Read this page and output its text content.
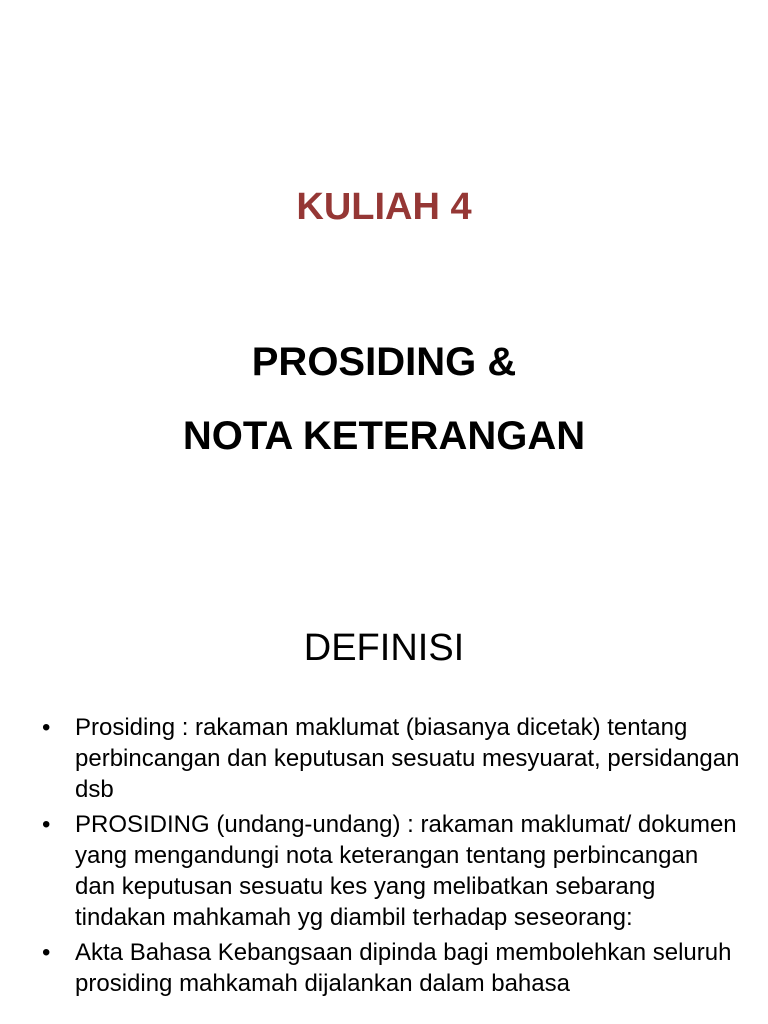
KULIAH 4
PROSIDING &
NOTA KETERANGAN
DEFINISI
• Prosiding : rakaman maklumat (biasanya dicetak) tentang perbincangan dan keputusan sesuatu mesyuarat, persidangan dsb
• PROSIDING (undang-undang) : rakaman maklumat/ dokumen yang mengandungi nota keterangan tentang perbincangan dan keputusan sesuatu kes yang melibatkan sebarang tindakan mahkamah yg diambil terhadap seseorang:
• Akta Bahasa Kebangsaan dipinda bagi membolehkan seluruh prosiding mahkamah dijalankan dalam bahasa
